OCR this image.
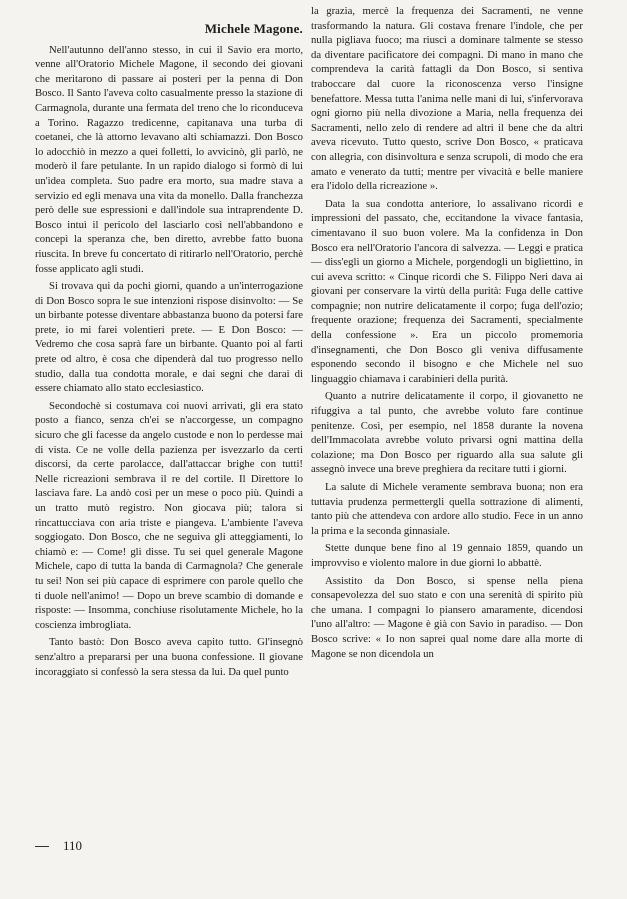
Michele Magone.

Nell'autunno dell'anno stesso, in cui il Savio era morto, venne all'Oratorio Michele Magone, il secondo dei giovani che meritarono di passare ai posteri per la penna di Don Bosco. Il Santo l'aveva colto casualmente presso la stazione di Carmagnola, durante una fermata del treno che lo riconduceva a Torino. Ragazzo tredicenne, capitanava una turba di coetanei, che là attorno levavano alti schiamazzi. Don Bosco lo adocchiò in mezzo a quei folletti, lo avvicinò, gli parlò, ne moderò il fare petulante. In un rapido dialogo si formò di lui un'idea completa. Suo padre era morto, sua madre stava a servizio ed egli menava una vita da monello. Dalla franchezza però delle sue espressioni e dall'indole sua intraprendente D. Bosco intuì il pericolo del lasciarlo così nell'abbandono e concepì la speranza che, ben diretto, avrebbe fatto buona riuscita. In breve fu concertato di ritirarlo nell'Oratorio, perchè fosse applicato agli studi.

Si trovava qui da pochi giorni, quando a un'interrogazione di Don Bosco sopra le sue intenzioni rispose disinvolto: — Se un birbante potesse diventare abbastanza buono da potersi fare prete, io mi farei volentieri prete. — E Don Bosco: — Vedremo che cosa saprà fare un birbante. Quanto poi al farti prete od altro, è cosa che dipenderà dal tuo progresso nello studio, dalla tua condotta morale, e dai segni che darai di essere chiamato allo stato ecclesiastico.

Secondochè si costumava coi nuovi arrivati, gli era stato posto a fianco, senza ch'ei se n'accorgesse, un compagno sicuro che gli facesse da angelo custode e non lo perdesse mai di vista. Ce ne volle della pazienza per isvezzarlo da certi discorsi, da certe parolacce, dall'attaccar brighe con tutti! Nelle ricreazioni sembrava il re del cortile. Il Direttore lo lasciava fare. La andò così per un mese o poco più. Quindi a un tratto mutò registro. Non giocava più; talora si rincattucciava con aria triste e piangeva. L'ambiente l'aveva soggiogato. Don Bosco, che ne seguiva gli atteggiamenti, lo chiamò e: — Come! gli disse. Tu sei quel generale Magone Michele, capo di tutta la banda di Carmagnola? Che generale tu sei! Non sei più capace di esprimere con parole quello che ti duole nell'animo! — Dopo un breve scambio di domande e risposte: — Insomma, conchiuse risolutamente Michele, ho la coscienza imbrogliata.

Tanto bastò: Don Bosco aveva capito tutto. Gl'insegnò senz'altro a prepararsi per una buona confessione. Il giovane incoraggiato si confessò la sera stessa da lui. Da quel punto

la grazia, mercè la frequenza dei Sacramenti, ne venne trasformando la natura. Gli costava frenare l'indole, che per nulla pigliava fuoco; ma riuscì a dominare talmente se stesso da diventare pacificatore dei compagni. Di mano in mano che comprendeva la carità fattagli da Don Bosco, si sentiva traboccare dal cuore la riconoscenza verso l'insigne benefattore. Messa tutta l'anima nelle mani di lui, s'infervorava ogni giorno più nella divozione a Maria, nella frequenza dei Sacramenti, nello zelo di rendere ad altri il bene che da altri aveva ricevuto. Tutto questo, scrive Don Bosco, « praticava con allegria, con disinvoltura e senza scrupoli, di modo che era amato e venerato da tutti; mentre per vivacità e belle maniere era l'idolo della ricreazione ».

Data la sua condotta anteriore, lo assalivano ricordi e impressioni del passato, che, eccitandone la vivace fantasia, cimentavano il suo buon volere. Ma la confidenza in Don Bosco era nell'Oratorio l'ancora di salvezza. — Leggi e pratica — diss'egli un giorno a Michele, porgendogli un bigliettino, in cui aveva scritto: « Cinque ricordi che S. Filippo Neri dava ai giovani per conservare la virtù della purità: Fuga delle cattive compagnie; non nutrire delicatamente il corpo; fuga dell'ozio; frequente orazione; frequenza dei Sacramenti, specialmente della confessione ». Era un piccolo promemoria d'insegnamenti, che Don Bosco gli veniva diffusamente esponendo secondo il bisogno e che Michele nel suo linguaggio chiamava i carabinieri della purità.

Quanto a nutrire delicatamente il corpo, il giovanetto ne rifuggiva a tal punto, che avrebbe voluto fare continue penitenze. Così, per esempio, nel 1858 durante la novena dell'Immacolata avrebbe voluto privarsi ogni mattina della colazione; ma Don Bosco per riguardo alla sua salute gli assegnò invece una breve preghiera da recitare tutti i giorni.

La salute di Michele veramente sembrava buona; non era tuttavia prudenza permettergli quella sottrazione di alimenti, tanto più che attendeva con ardore allo studio. Fece in un anno la prima e la seconda ginnasiale.

Stette dunque bene fino al 19 gennaio 1859, quando un improvviso e violento malore in due giorni lo abbattè.

Assistito da Don Bosco, si spense nella piena consapevolezza del suo stato e con una serenità di spirito più che umana. I compagni lo piansero amaramente, dicendosi l'uno all'altro: — Magone è già con Savio in paradiso. — Don Bosco scrive: « Io non saprei qual nome dare alla morte di Magone se non dicendola un

110
